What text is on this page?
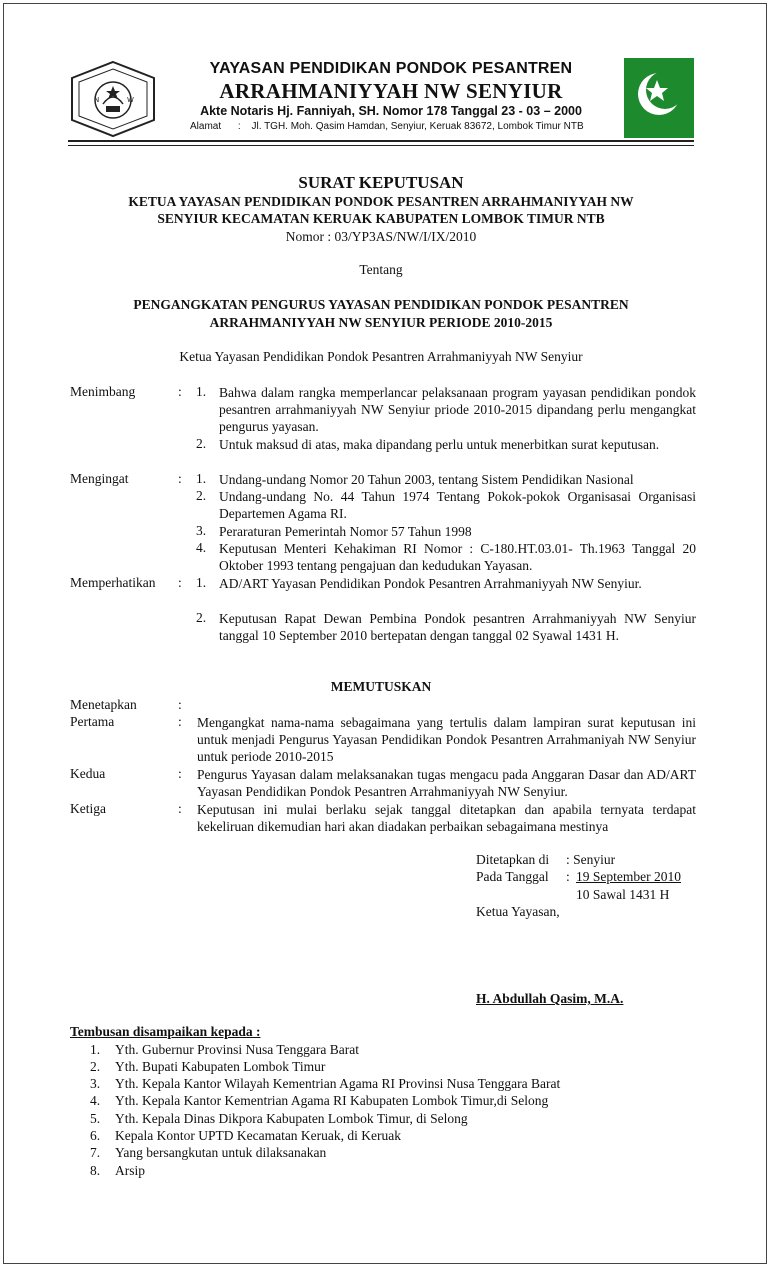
N	W
YAYASAN PENDIDIKAN PONDOK PESANTREN
ARRAHMANIYYAH NW SENYIUR
Akte Notaris Hj. Fanniyah, SH. Nomor 178 Tanggal 23 - 03 – 2000
Alamat : Jl. TGH. Moh. Qasim Hamdan, Senyiur, Keruak 83672, Lombok Timur NTB
SURAT KEPUTUSAN
KETUA YAYASAN PENDIDIKAN PONDOK PESANTREN ARRAHMANIYYAH NW
SENYIUR KECAMATAN KERUAK KABUPATEN LOMBOK TIMUR NTB
Nomor : 03/YP3AS/NW/I/IX/2010
Tentang
PENGANGKATAN PENGURUS YAYASAN PENDIDIKAN PONDOK PESANTREN
ARRAHMANIYYAH NW SENYIUR PERIODE 2010-2015
Ketua Yayasan Pendidikan Pondok Pesantren Arrahmaniyyah NW Senyiur
Menimbang	: 1. Bahwa dalam rangka memperlancar pelaksanaan program yayasan pendidikan pondok pesantren arrahmaniyyah NW Senyiur priode 2010-2015 dipandang perlu mengangkat pengurus yayasan.
2. Untuk maksud di atas, maka dipandang perlu untuk menerbitkan surat keputusan.
Mengingat	: 1. Undang-undang Nomor 20 Tahun 2003, tentang Sistem Pendidikan Nasional
2. Undang-undang No. 44 Tahun 1974 Tentang Pokok-pokok Organisasai Organisasi Departemen Agama RI.
3. Peraraturan Pemerintah Nomor 57 Tahun 1998
4. Keputusan Menteri Kehakiman RI Nomor : C-180.HT.03.01- Th.1963 Tanggal 20 Oktober 1993 tentang pengajuan dan kedudukan Yayasan.
Memperhatikan : 1. AD/ART Yayasan Pendidikan Pondok Pesantren Arrahmaniyyah NW Senyiur.
2. Keputusan Rapat Dewan Pembina Pondok pesantren Arrahmaniyyah NW Senyiur tanggal 10 September 2010 bertepatan dengan tanggal 02 Syawal 1431 H.
MEMUTUSKAN
Menetapkan	:
Pertama	: Mengangkat nama-nama sebagaimana yang tertulis dalam lampiran surat keputusan ini untuk menjadi Pengurus Yayasan Pendidikan Pondok Pesantren Arrahmaniyah NW Senyiur untuk periode 2010-2015
Kedua	: Pengurus Yayasan dalam melaksanakan tugas mengacu pada Anggaran Dasar dan AD/ART Yayasan Pendidikan Pondok Pesantren Arrahmaniyyah NW Senyiur.
Ketiga	: Keputusan ini mulai berlaku sejak tanggal ditetapkan dan apabila ternyata terdapat kekeliruan dikemudian hari akan diadakan perbaikan sebagaimana mestinya
Ditetapkan di : Senyiur
Pada Tanggal : 19 September 2010
10 Sawal 1431 H
Ketua Yayasan,
H. Abdullah Qasim, M.A.
Tembusan disampaikan kepada :
1. Yth. Gubernur Provinsi Nusa Tenggara Barat
2. Yth. Bupati Kabupaten Lombok Timur
3. Yth. Kepala Kantor Wilayah Kementrian Agama RI Provinsi Nusa Tenggara Barat
4. Yth. Kepala Kantor Kementrian Agama RI Kabupaten Lombok Timur,di Selong
5. Yth. Kepala Dinas Dikpora Kabupaten Lombok Timur, di Selong
6. Kepala Kontor UPTD Kecamatan Keruak, di Keruak
7. Yang bersangkutan untuk dilaksanakan
8. Arsip
